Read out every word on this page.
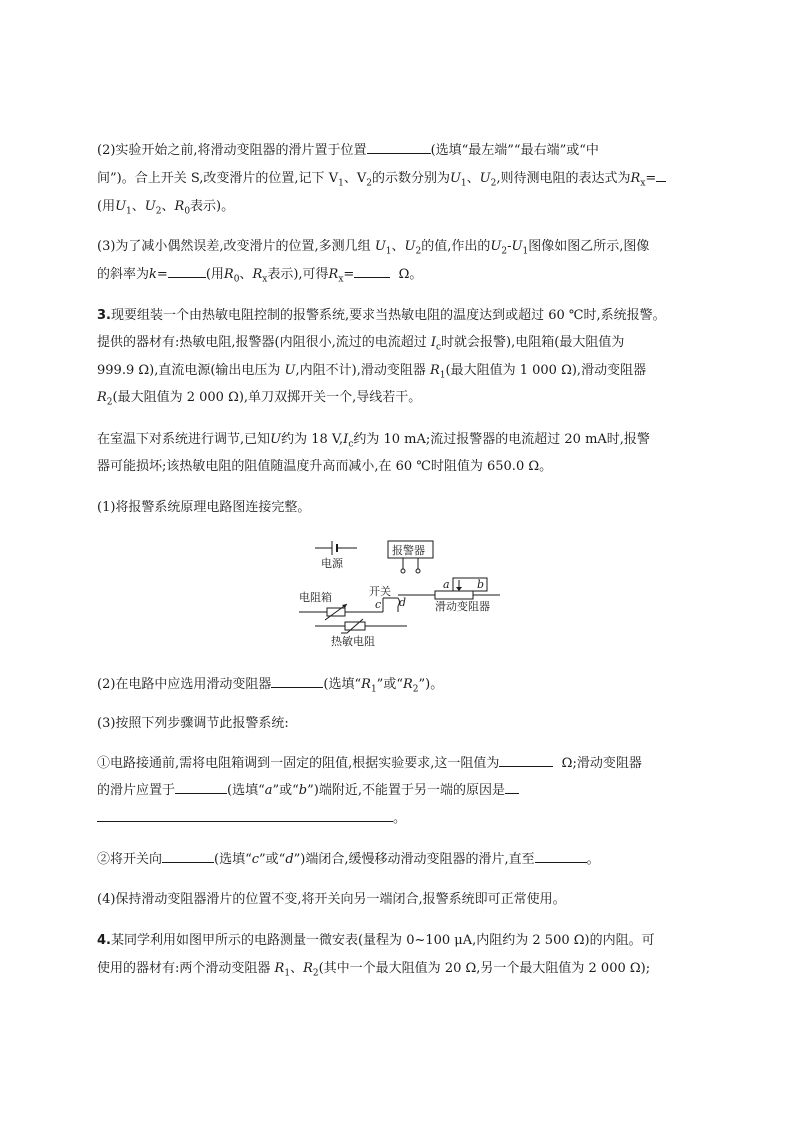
(2)实验开始之前,将滑动变阻器的滑片置于位置	(选填“最左端”“最右端”或“中
间”)。合上开关 S,改变滑片的位置,记下 $V_1$、$V_2$的示数分别为$U_1$、$U_2$,则待测电阻的表达式为$R_x=$
(用$U_1$、$U_2$、$R_0$表示)。
(3)为了减小偶然误差,改变滑片的位置,多测几组 $U_1$、$U_2$的值,作出的$U_2-U_1$图像如图乙所示,图像
的斜率为k=	(用$R_0$、$R_x$表示),可得$R_x=$	Ω。
3.现要组装一个由热敏电阻控制的报警系统,要求当热敏电阻的温度达到或超过 60 ℃时,系统报警。
提供的器材有:热敏电阻,报警器(内阻很小,流过的电流超过 $I_c$时就会报警),电阻箱(最大阻值为
999.9 Ω),直流电源(输出电压为 U,内阻不计),滑动变阻器 $R_1$(最大阻值为 1 000 Ω),滑动变阻器
$R_2$(最大阻值为 2 000 Ω),单刀双掷开关一个,导线若干。
在室温下对系统进行调节,已知U约为 18 $V,I_c$约为 10 mA;流过报警器的电流超过 20 mA时,报警
器可能损坏;该热敏电阻的阻值随温度升高而减小,在 60 ℃时阻值为 650.0 Ω。
(1)将报警系统原理电路图连接完整。
电源
报警器
开关
c d
a b
滑动变阻器
电阻箱
热敏电阻
(2)在电路中应选用滑动变阻器	(选填“$R_1$”或“$R_2$”)。
(3)按照下列步骤调节此报警系统:
①电路接通前,需将电阻箱调到一固定的阻值,根据实验要求,这一阻值为	Ω;滑动变阻器
的滑片应置于	(选填“a”或“b”)端附近,不能置于另一端的原因是
。
②将开关向	(选填“c”或“d”)端闭合,缓慢移动滑动变阻器的滑片,直至	。
(4)保持滑动变阻器滑片的位置不变,将开关向另一端闭合,报警系统即可正常使用。
4.某同学利用如图甲所示的电路测量一微安表(量程为 0~100 μA,内阻约为 2 500 Ω)的内阻。可
使用的器材有:两个滑动变阻器 $R_1$、$R_2$(其中一个最大阻值为 20 Ω,另一个最大阻值为 2 000 Ω);
